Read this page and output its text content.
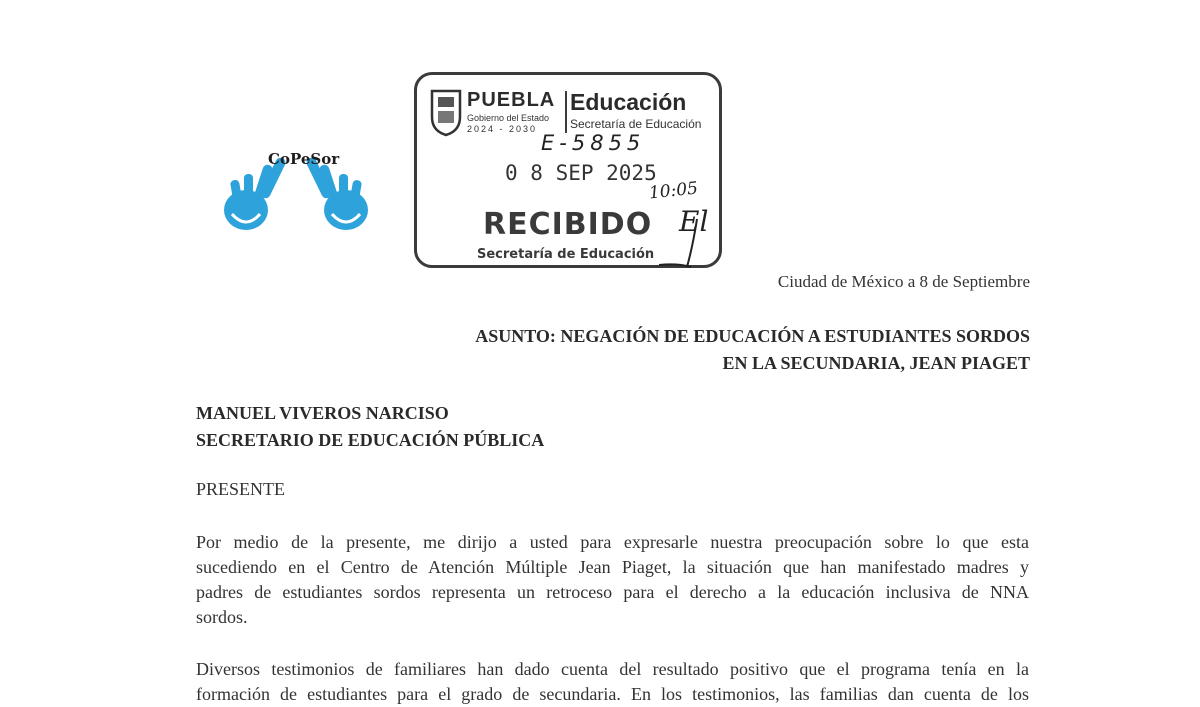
CoPeSor
PUEBLA
Gobierno del Estado
2024 - 2030
Educación
Secretaría de Educación
E-5855
0 8 SEP 2025
10:05
RECIBIDO
Secretaría de Educación
El
Ciudad de México a 8 de Septiembre
ASUNTO: NEGACIÓN DE EDUCACIÓN A ESTUDIANTES SORDOS
EN LA SECUNDARIA, JEAN PIAGET
MANUEL VIVEROS NARCISO
SECRETARIO DE EDUCACIÓN PÚBLICA
PRESENTE
Por medio de la presente, me dirijo a usted para expresarle nuestra preocupación sobre lo que esta
sucediendo en el Centro de Atención Múltiple Jean Piaget, la situación que han manifestado madres y
padres de estudiantes sordos representa un retroceso para el derecho a la educación inclusiva de NNA
sordos.
Diversos testimonios de familiares han dado cuenta del resultado positivo que el programa tenía en la
formación de estudiantes para el grado de secundaria. En los testimonios, las familias dan cuenta de los
